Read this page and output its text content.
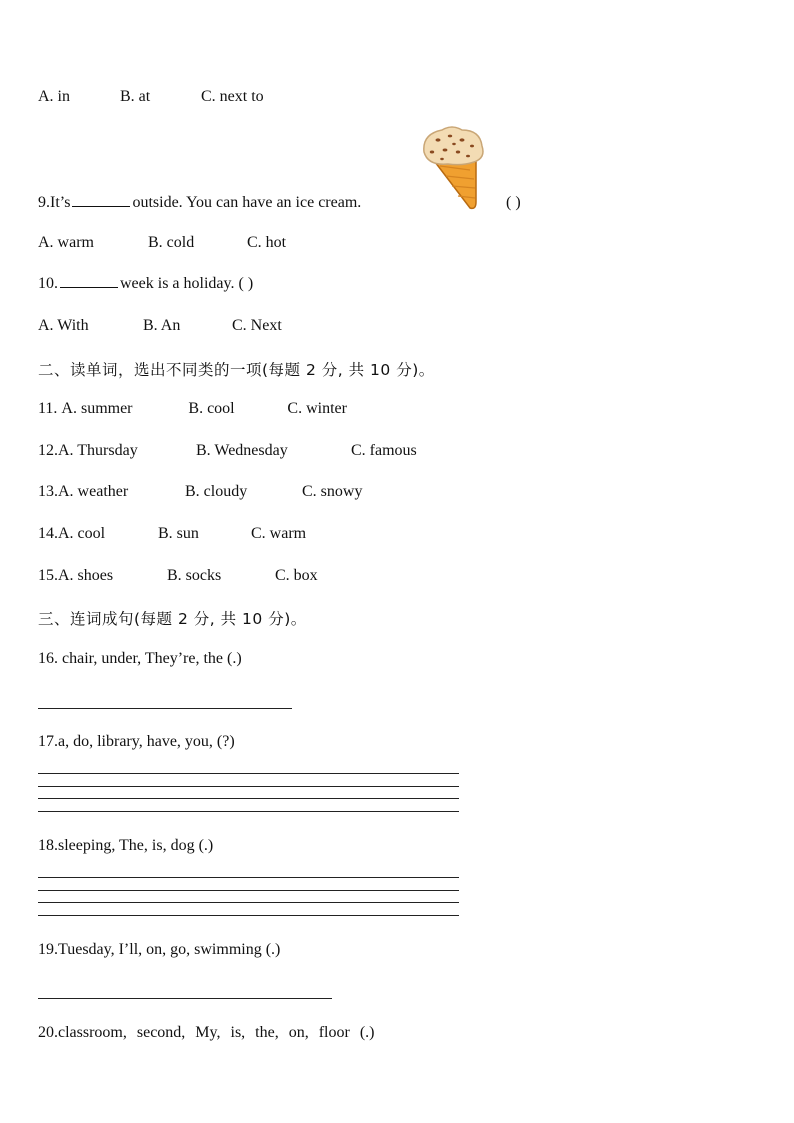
A. in	B. at	C. next to
9.It’s	outside. You can have an ice cream.	( )
A. warm	B. cold	C. hot
10.	week is a holiday. ( )
A. With	B. An	C. Next
二、读单词，选出不同类的一项(每题 2 分, 共 10 分)。
11. A. summer	B. cool	C. winter
12.A. Thursday	B. Wednesday	C. famous
13.A. weather	B. cloudy	C. snowy
14.A. cool	B. sun	C. warm
15.A. shoes	B. socks	C. box
三、连词成句(每题 2 分, 共 10 分)。
16. chair, under, They’re, the (.)
17.a, do, library, have, you, (?)
18.sleeping, The, is, dog (.)
19.Tuesday, I’ll, on, go, swimming (.)
20.classroom, second, My, is, the, on, floor (.)
